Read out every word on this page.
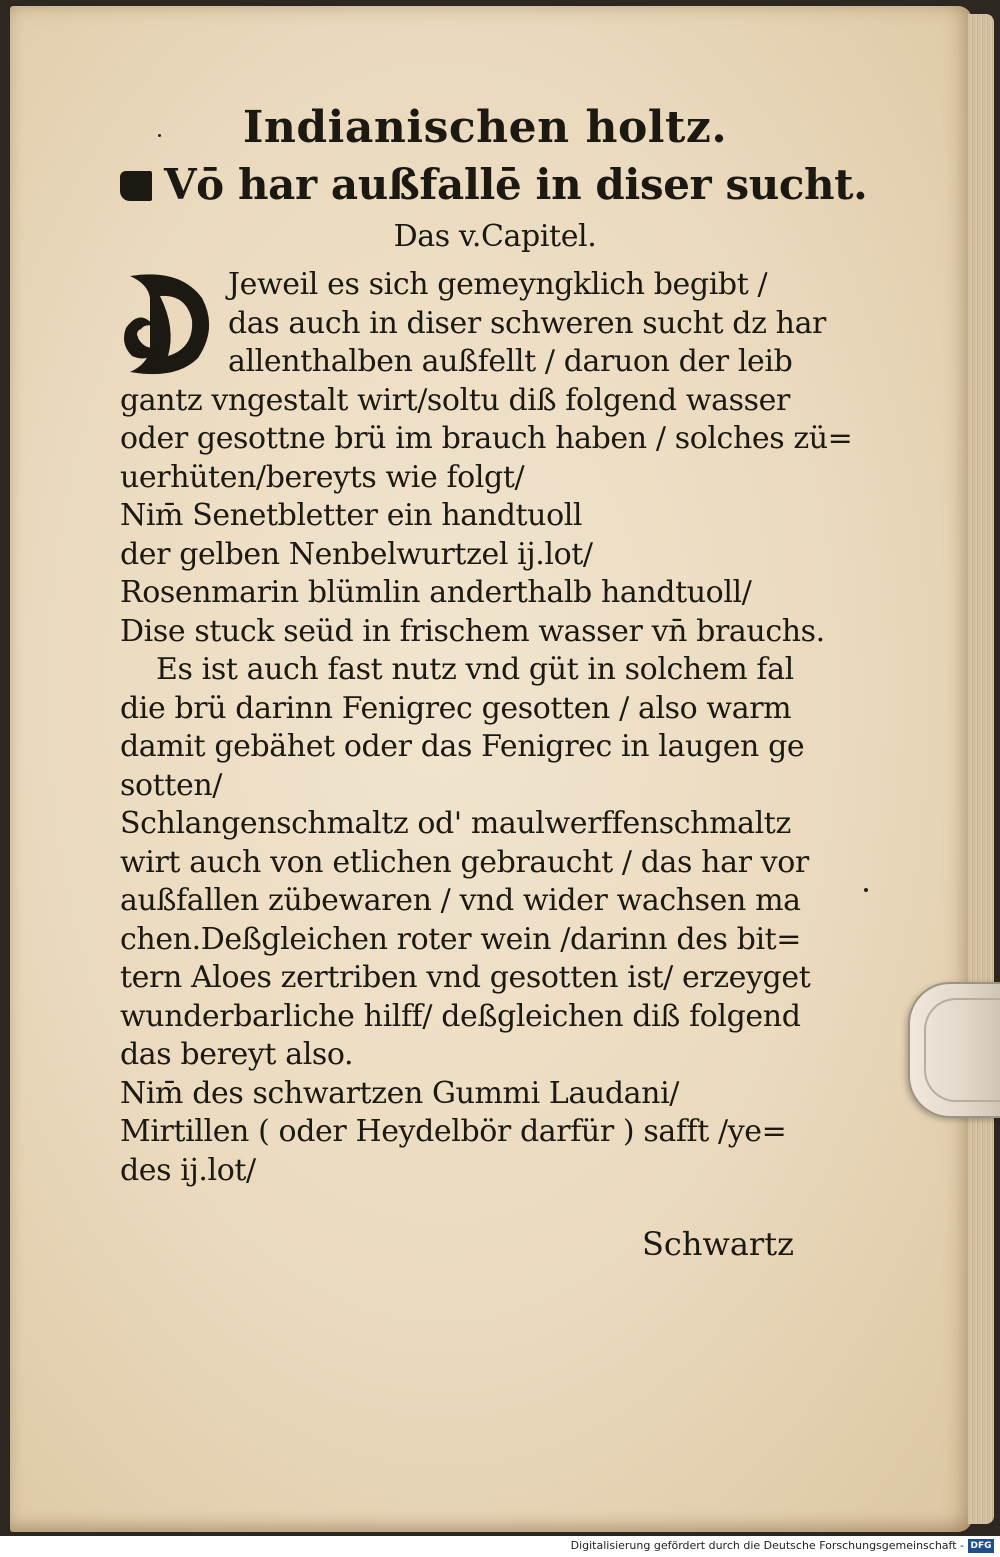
Indianischen holtz.
Vō har außfallē in diser sucht.
Das v.Capitel.
Jeweil es sich gemeyngklich begibt /
das auch in diser schweren sucht dz har
allenthalben außfellt / daruon der leib
gantz vngestalt wirt/soltu diß folgend wasser
oder gesottne brü im brauch haben / solches zü=
uerhüten/bereyts wie folgt/
Nim̄ Senetbletter ein handtuoll
der gelben Nenbelwurtzel ij.lot/
Rosenmarin blümlin anderthalb handtuoll/
Dise stuck seüd in frischem wasser vn̄ brauchs.
Es ist auch fast nutz vnd güt in solchem fal
die brü darinn Fenigrec gesotten / also warm
damit gebähet oder das Fenigrec in laugen ge
sotten/
Schlangenschmaltz od' maulwerffenschmaltz
wirt auch von etlichen gebraucht / das har vor
außfallen zübewaren / vnd wider wachsen ma
chen.Deßgleichen roter wein /darinn des bit=
tern Aloes zertriben vnd gesotten ist/ erzeyget
wunderbarliche hilff/ deßgleichen diß folgend
das bereyt also.
Nim̄ des schwartzen Gummi Laudani/
Mirtillen ( oder Heydelbör darfür ) safft /ye=
des ij.lot/
Schwartz
Digitalisierung gefördert durch die Deutsche Forschungsgemeinschaft - DFG
